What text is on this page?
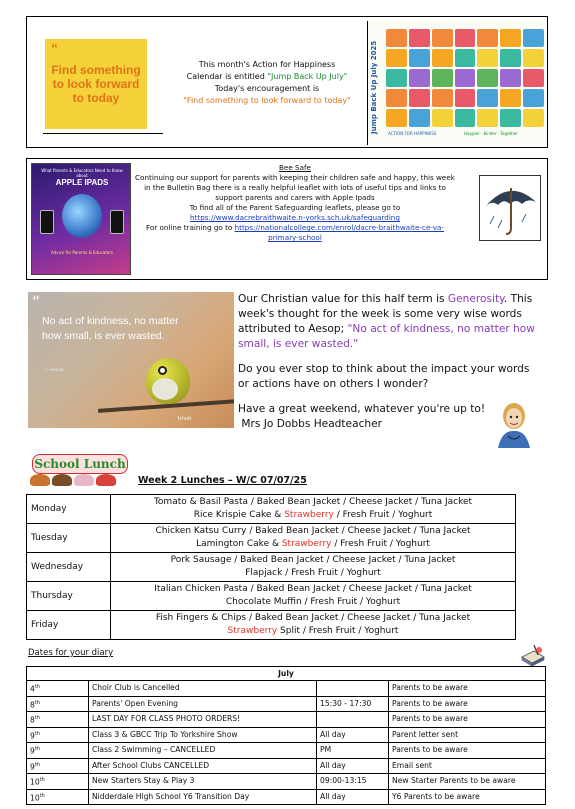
“
Find something to look forward to today
This month's Action for Happiness
Calendar is entitled "Jump Back Up July"
Today's encouragement is
"Find something to look forward to today"	Jump Back Up July 2025	ACTION FOR HAPPINESS	Happier · Kinder · Together
What Parents & Educators Need to Know about
APPLE IPADS
Advice for Parents & Educators
Bee Safe
Continuing our support for parents with keeping their children safe and happy, this week in the Bulletin Bag there is a really helpful leaflet with lots of useful tips and links to support parents and carers with Apple Ipads
To find all of the Parent Safeguarding leaflets, please go to
https://www.dacrebraithwaite.n-yorks.sch.uk/safeguarding
For online training go to https://nationalcollege.com/enrol/dacre-braithwaite-ce-va-primary-school
“
No act of kindness, no matter how small, is ever wasted.
— Aesop
trivot

Our Christian value for this half term is Generosity. This week's thought for the week is some very wise words attributed to Aesop; "No act of kindness, no matter how small, is ever wasted."

Do you ever stop to think about the impact your words or actions have on others I wonder?

Have a great weekend, whatever you're up to!

Mrs Jo Dobbs Headteacher

School Lunch
Week 2 Lunches – W/C 07/07/25
Monday	Tomato & Basil Pasta / Baked Bean Jacket / Cheese Jacket / Tuna Jacket
Rice Krispie Cake & Strawberry / Fresh Fruit / Yoghurt

Tuesday	Chicken Katsu Curry / Baked Bean Jacket / Cheese Jacket / Tuna Jacket
Lamington Cake & Strawberry / Fresh Fruit / Yoghurt

Wednesday	Pork Sausage / Baked Bean Jacket / Cheese Jacket / Tuna Jacket
Flapjack / Fresh Fruit / Yoghurt

Thursday	Italian Chicken Pasta / Baked Bean Jacket / Cheese Jacket / Tuna Jacket
Chocolate Muffin / Fresh Fruit / Yoghurt

Friday	Fish Fingers & Chips / Baked Bean Jacket / Cheese Jacket / Tuna Jacket
Strawberry Split / Fresh Fruit / Yoghurt
Dates for your diary
July			
4th	Choir Club is Cancelled		Parents to be aware
8th	Parents' Open Evening	15:30 - 17:30	Parents to be aware
8th	LAST DAY FOR CLASS PHOTO ORDERS!		Parents to be aware
9th	Class 3 & GBCC Trip To Yorkshire Show	All day	Parent letter sent
9th	Class 2 Swimming – CANCELLED	PM	Parents to be aware
9th	After School Clubs CANCELLED	All day	Email sent
10th	New Starters Stay & Play 3	09:00-13:15	New Starter Parents to be aware
10th	Nidderdale High School Y6 Transition Day	All day	Y6 Parents to be aware
